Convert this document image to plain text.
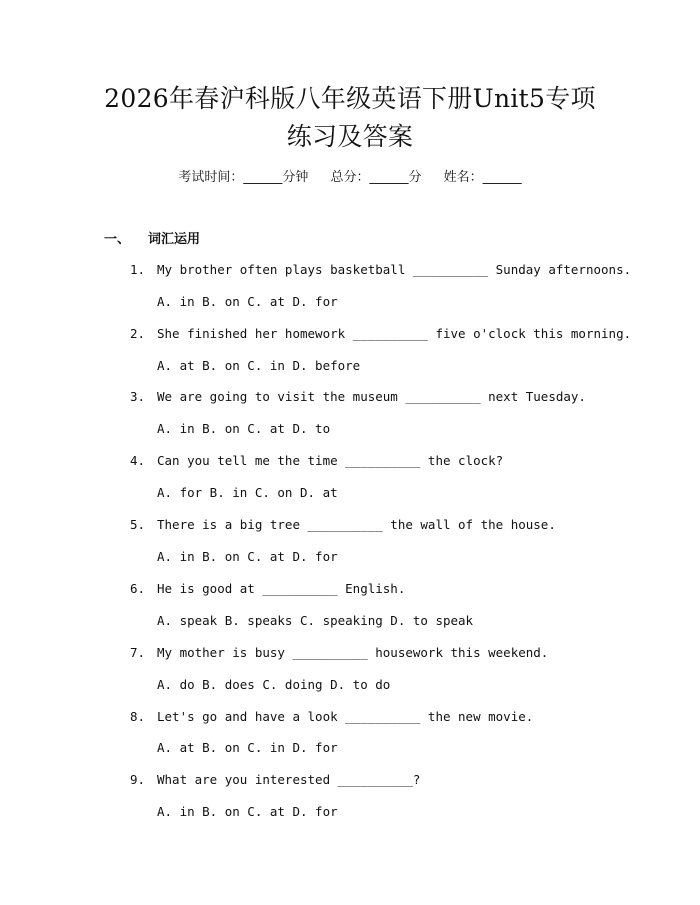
2026年春沪科版八年级英语下册Unit5专项
练习及答案
考试时间：______分钟 总分：______分 姓名：______
一、 词汇运用
1. My brother often plays basketball __________ Sunday afternoons.
A. in B. on C. at D. for
2. She finished her homework __________ five o'clock this morning.
A. at B. on C. in D. before
3. We are going to visit the museum __________ next Tuesday.
A. in B. on C. at D. to
4. Can you tell me the time __________ the clock?
A. for B. in C. on D. at
5. There is a big tree __________ the wall of the house.
A. in B. on C. at D. for
6. He is good at __________ English.
A. speak B. speaks C. speaking D. to speak
7. My mother is busy __________ housework this weekend.
A. do B. does C. doing D. to do
8. Let's go and have a look __________ the new movie.
A. at B. on C. in D. for
9. What are you interested __________?
A. in B. on C. at D. for
